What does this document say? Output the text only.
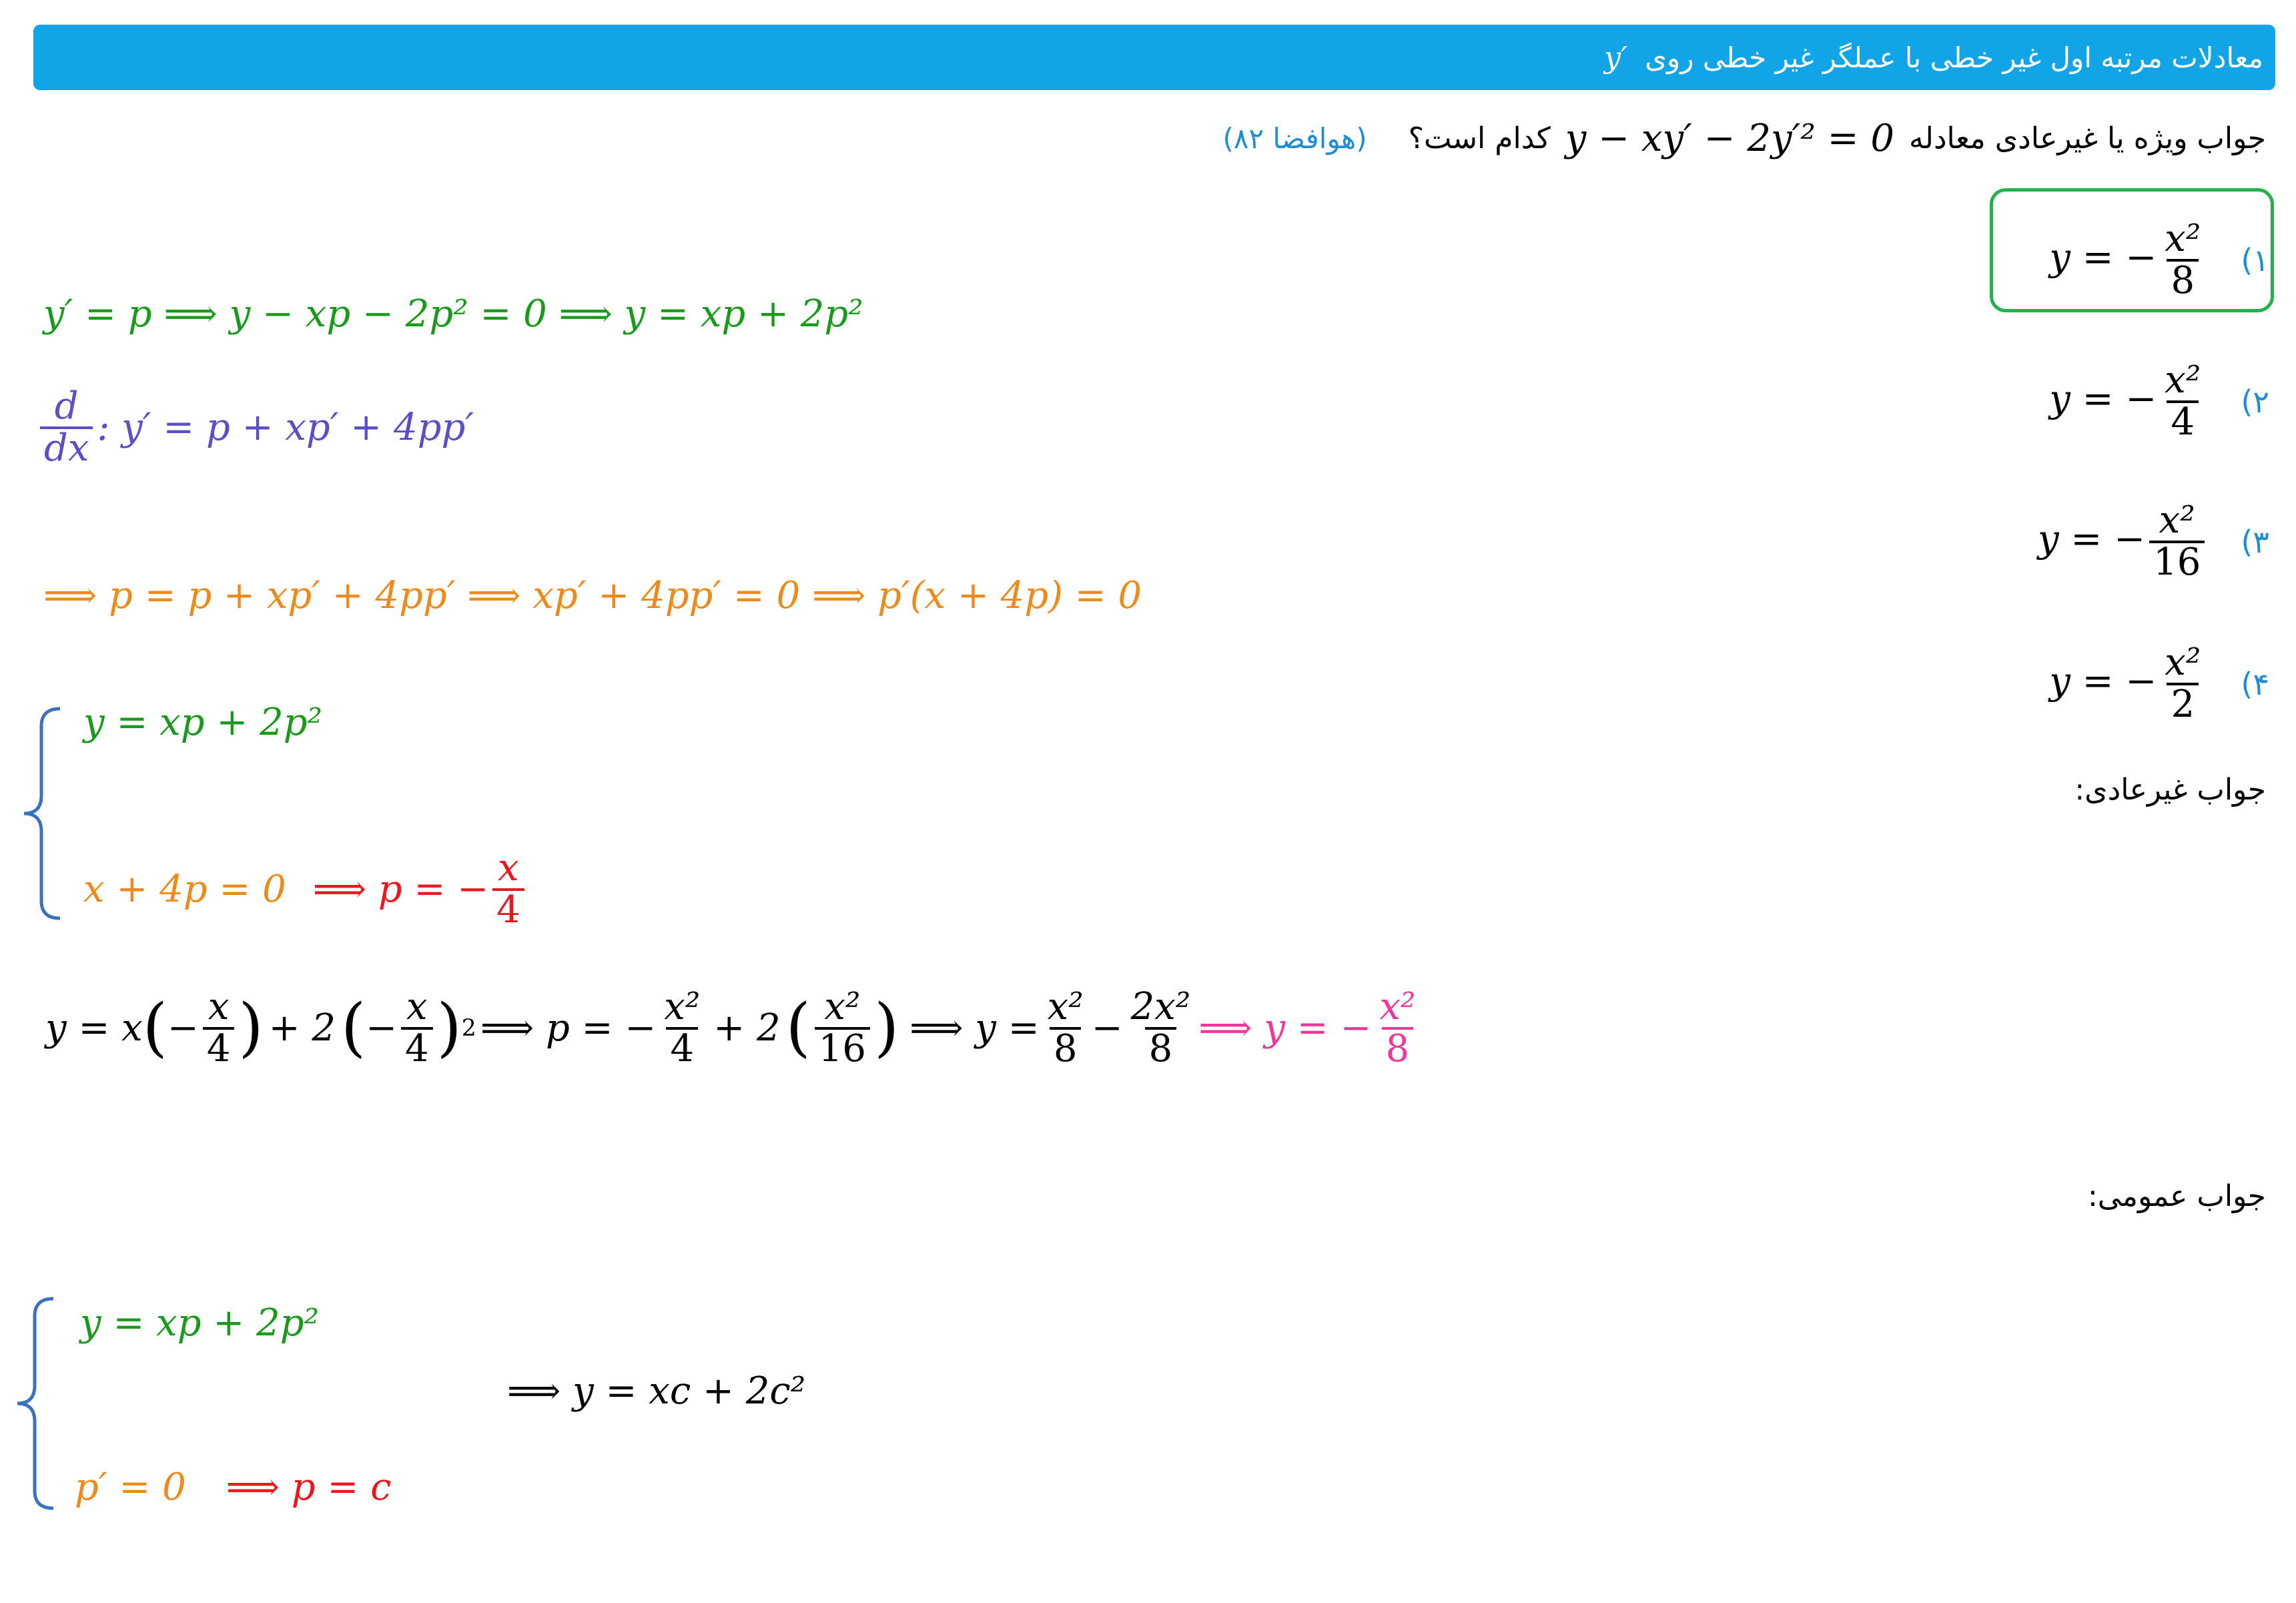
معادلات مرتبه اول غیر خطی با عملگر غیر خطی روی
y′
جواب ویژه یا غیرعادی معادله
y − xy′ − 2y′² = 0
کدام است؟
(هوافضا ۸۲)
۱)
y = − $\frac{\text{x²}}{8}$
۲)
y = − $\frac{\text{x²}}{4}$
۳)
y = − $\frac{\text{x²}}{16}$
۴)
y = − $\frac{\text{x²}}{2}$
جواب غیرعادی:
جواب عمومی:
y′ = p ⟹ y − xp − 2p² = 0 ⟹ y = xp + 2p²
$\frac{d}{dx}$ : y′ = p + xp′ + 4pp′
⟹ p = p + xp′ + 4pp′ ⟹ xp′ + 4pp′ = 0 ⟹ p′(x + 4p) = 0
y = xp + 2p²
x + 4p = 0 ⟹ p = − $\frac{x}{4}$
y = x ( − $\frac{x}{4}$ ) + 2 ( − $\frac{x}{4}$ ) 2 ⟹ p = − $\frac{\text{x²}}{4} + 2$ ( $\frac{\text{x²}}{16}$ ) ⟹ $y = \frac{\text{x²}}{8} - \frac{\text{2x²}}{8}$ ⟹ y = − $\frac{\text{x²}}{8}$
y = xp + 2p²
p′ = 0 ⟹ p = c
⟹ y = xc + 2c²
